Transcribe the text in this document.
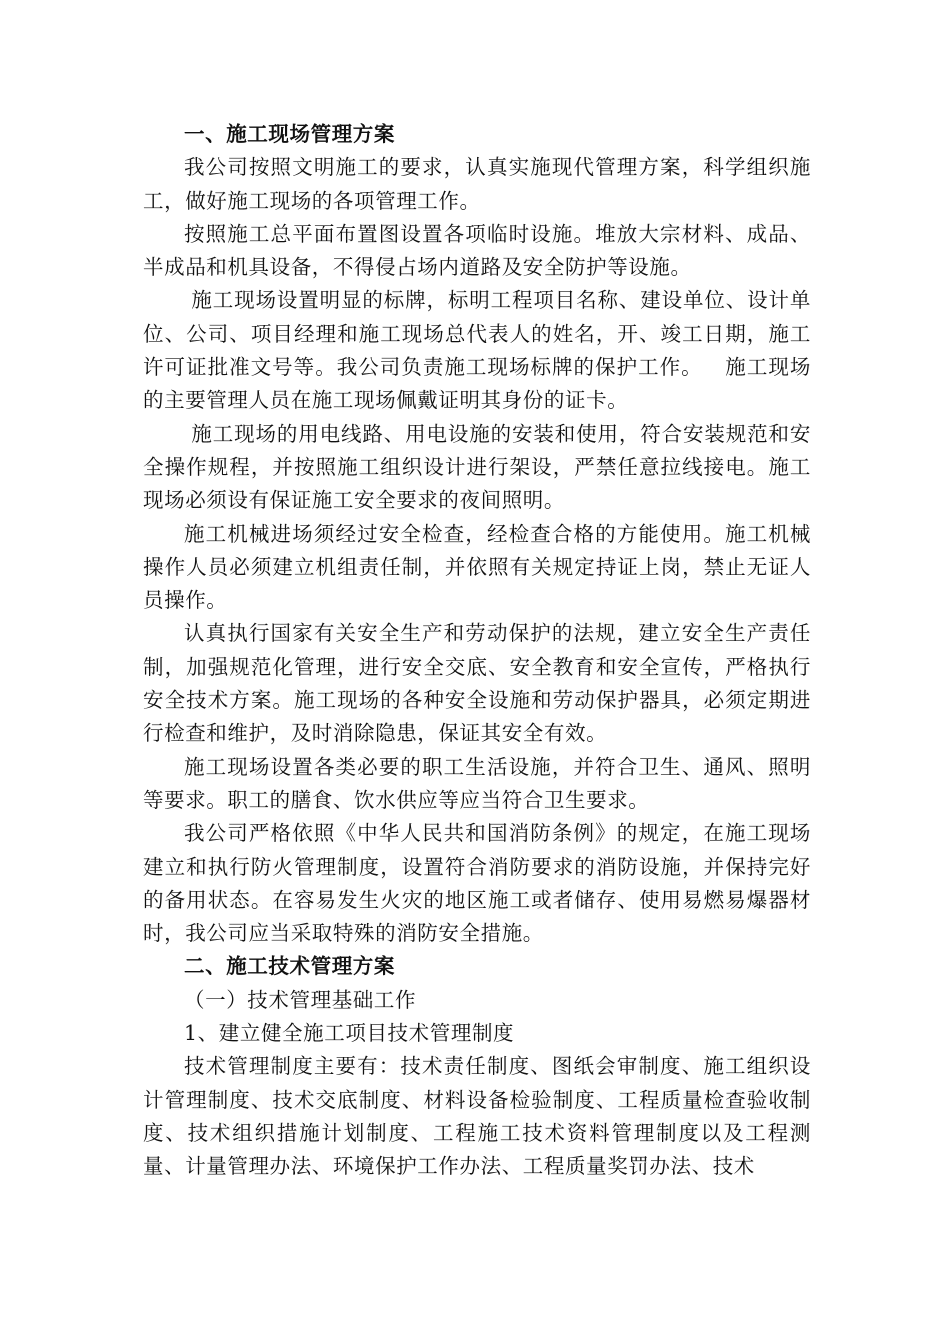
一、施工现场管理方案

我公司按照文明施工的要求，认真实施现代管理方案，科学组织施工，做好施工现场的各项管理工作。

按照施工总平面布置图设置各项临时设施。堆放大宗材料、成品、半成品和机具设备，不得侵占场内道路及安全防护等设施。

施工现场设置明显的标牌，标明工程项目名称、建设单位、设计单位、公司、项目经理和施工现场总代表人的姓名，开、竣工日期，施工许可证批准文号等。我公司负责施工现场标牌的保护工作。   施工现场的主要管理人员在施工现场佩戴证明其身份的证卡。

施工现场的用电线路、用电设施的安装和使用，符合安装规范和安全操作规程，并按照施工组织设计进行架设，严禁任意拉线接电。施工现场必须设有保证施工安全要求的夜间照明。

施工机械进场须经过安全检查，经检查合格的方能使用。施工机械操作人员必须建立机组责任制，并依照有关规定持证上岗，禁止无证人员操作。

认真执行国家有关安全生产和劳动保护的法规，建立安全生产责任制，加强规范化管理，进行安全交底、安全教育和安全宣传，严格执行安全技术方案。施工现场的各种安全设施和劳动保护器具，必须定期进行检查和维护，及时消除隐患，保证其安全有效。

施工现场设置各类必要的职工生活设施，并符合卫生、通风、照明等要求。职工的膳食、饮水供应等应当符合卫生要求。

我公司严格依照《中华人民共和国消防条例》的规定，在施工现场建立和执行防火管理制度，设置符合消防要求的消防设施，并保持完好的备用状态。在容易发生火灾的地区施工或者储存、使用易燃易爆器材时，我公司应当采取特殊的消防安全措施。

二、施工技术管理方案

（一）技术管理基础工作

1、建立健全施工项目技术管理制度

技术管理制度主要有：技术责任制度、图纸会审制度、施工组织设计管理制度、技术交底制度、材料设备检验制度、工程质量检查验收制度、技术组织措施计划制度、工程施工技术资料管理制度以及工程测量、计量管理办法、环境保护工作办法、工程质量奖罚办法、技术
